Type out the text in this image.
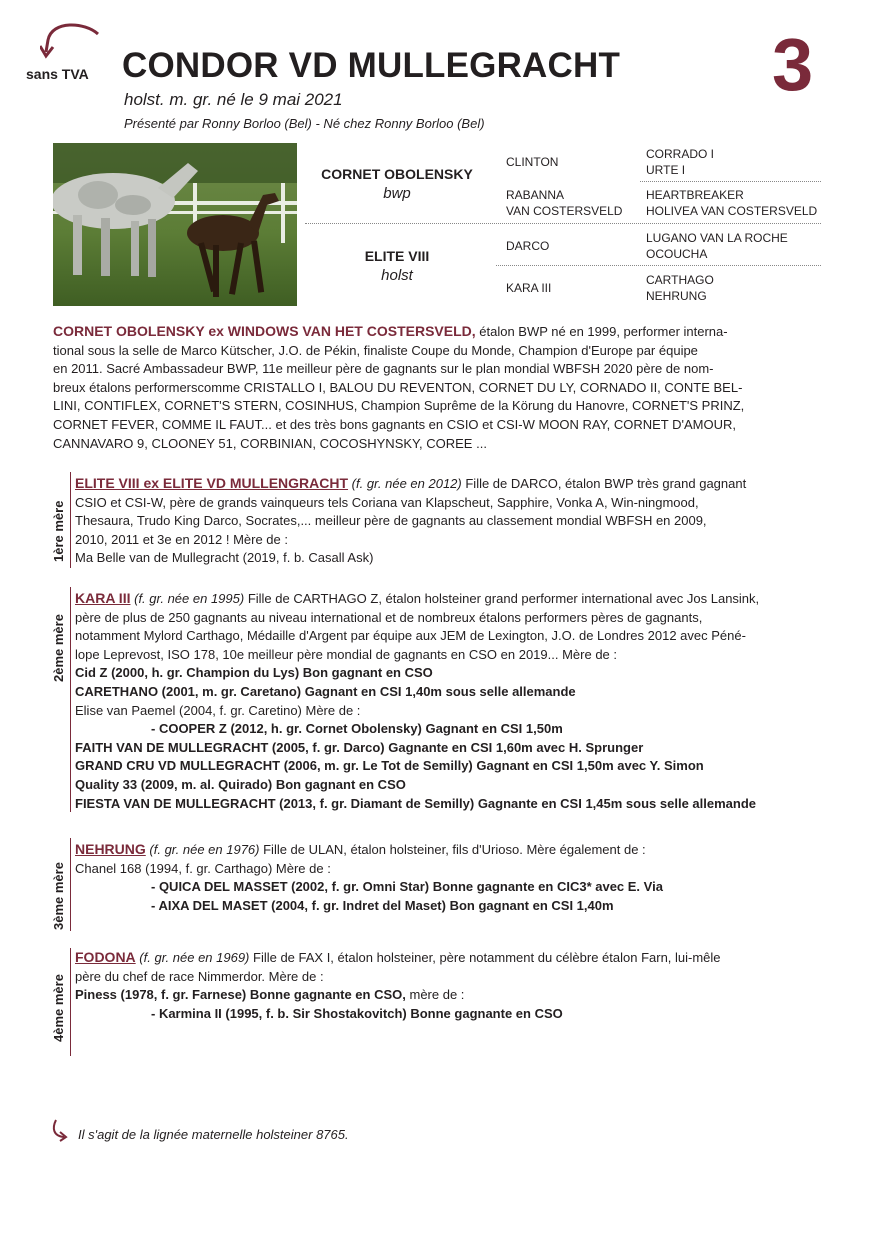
sans TVA CONDOR VD MULLEGRACHT 3
holst. m. gr. né le 9 mai 2021
Présenté par Ronny Borloo (Bel) - Né chez Ronny Borloo (Bel)
CORNET OBOLENSKY
bwp
ELITE VIII
holst
CLINTON
RABANNA
VAN COSTERSVELD
DARCO
KARA III
CORRADO I
URTE I
HEARTBREAKER
HOLIVEA VAN COSTERSVELD
LUGANO VAN LA ROCHE
OCOUCHA
CARTHAGO
NEHRUNG
CORNET OBOLENSKY ex WINDOWS VAN HET COSTERSVELD, étalon BWP né en 1999, performer interna-
tional sous la selle de Marco Kütscher, J.O. de Pékin, finaliste Coupe du Monde, Champion d'Europe par équipe
en 2011. Sacré Ambassadeur BWP, 11e meilleur père de gagnants sur le plan mondial WBFSH 2020 père de nom-
breux étalons performerscomme CRISTALLO I, BALOU DU REVENTON, CORNET DU LY, CORNADO II, CONTE BEL-
LINI, CONTIFLEX, CORNET'S STERN, COSINHUS, Champion Suprême de la Körung du Hanovre, CORNET'S PRINZ,
CORNET FEVER, COMME IL FAUT... et des très bons gagnants en CSIO et CSI-W MOON RAY, CORNET D'AMOUR,
CANNAVARO 9, CLOONEY 51, CORBINIAN, COCOSHYNSKY, COREE ...
1ère mère
ELITE VIII ex ELITE VD MULLENGRACHT (f. gr. née en 2012) Fille de DARCO, étalon BWP très grand gagnant
CSIO et CSI-W, père de grands vainqueurs tels Coriana van Klapscheut, Sapphire, Vonka A, Win-ningmood,
Thesaura, Trudo King Darco, Socrates,... meilleur père de gagnants au classement mondial WBFSH en 2009,
2010, 2011 et 3e en 2012 ! Mère de :
Ma Belle van de Mullegracht (2019, f. b. Casall Ask)
2ème mère
KARA III (f. gr. née en 1995) Fille de CARTHAGO Z, étalon holsteiner grand performer international avec Jos Lansink,
père de plus de 250 gagnants au niveau international et de nombreux étalons performers pères de gagnants,
notamment Mylord Carthago, Médaille d'Argent par équipe aux JEM de Lexington, J.O. de Londres 2012 avec Péné-
lope Leprevost, ISO 178, 10e meilleur père mondial de gagnants en CSO en 2019... Mère de :
Cid Z (2000, h. gr. Champion du Lys) Bon gagnant en CSO
CARETHANO (2001, m. gr. Caretano) Gagnant en CSI 1,40m sous selle allemande
Elise van Paemel (2004, f. gr. Caretino) Mère de :
- COOPER Z (2012, h. gr. Cornet Obolensky) Gagnant en CSI 1,50m
FAITH VAN DE MULLEGRACHT (2005, f. gr. Darco) Gagnante en CSI 1,60m avec H. Sprunger
GRAND CRU VD MULLEGRACHT (2006, m. gr. Le Tot de Semilly) Gagnant en CSI 1,50m avec Y. Simon
Quality 33 (2009, m. al. Quirado) Bon gagnant en CSO
FIESTA VAN DE MULLEGRACHT (2013, f. gr. Diamant de Semilly) Gagnante en CSI 1,45m sous selle allemande
3ème mère
NEHRUNG (f. gr. née en 1976) Fille de ULAN, étalon holsteiner, fils d'Urioso. Mère également de :
Chanel 168 (1994, f. gr. Carthago) Mère de :
- QUICA DEL MASSET (2002, f. gr. Omni Star) Bonne gagnante en CIC3* avec E. Via
- AIXA DEL MASET (2004, f. gr. Indret del Maset) Bon gagnant en CSI 1,40m
4ème mère
FODONA (f. gr. née en 1969) Fille de FAX I, étalon holsteiner, père notamment du célèbre étalon Farn, lui-mêle
père du chef de race Nimmerdor. Mère de :
Piness (1978, f. gr. Farnese) Bonne gagnante en CSO, mère de :
- Karmina II (1995, f. b. Sir Shostakovitch) Bonne gagnante en CSO
Il s'agit de la lignée maternelle holsteiner 8765.
